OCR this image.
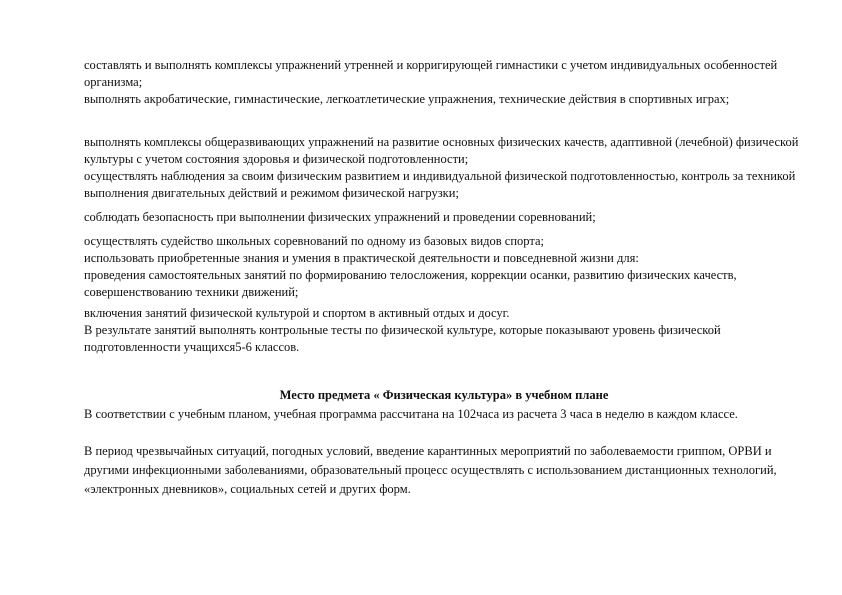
составлять и выполнять комплексы упражнений утренней и корригирующей гимнастики с учетом индивидуальных особенностей организма;

выполнять акробатические, гимнастические, легкоатлетические упражнения, технические действия в спортивных играх;

выполнять комплексы общеразвивающих упражнений на развитие основных физических качеств, адаптивной (лечебной) физической культуры с учетом состояния здоровья и физической подготовленности;

осуществлять наблюдения за своим физическим развитием и индивидуальной физической подготовленностью, контроль за техникой выполнения двигательных действий и режимом физической нагрузки;

соблюдать безопасность при выполнении физических упражнений и проведении соревнований;

осуществлять судейство школьных соревнований по одному из базовых видов спорта;

использовать приобретенные знания и умения в практической деятельности и повседневной жизни для:

проведения самостоятельных занятий по формированию телосложения, коррекции осанки, развитию физических качеств, совершенствованию техники движений;

включения занятий физической культурой и спортом в активный отдых и досуг.

В результате занятий выполнять контрольные тесты по физической культуре, которые показывают уровень физической подготовленности учащихся5-6 классов.

Место предмета « Физическая культура» в учебном плане

В соответствии с учебным планом, учебная программа рассчитана на 102часа из расчета 3 часа в неделю в каждом классе.

В период чрезвычайных ситуаций, погодных условий, введение карантинных мероприятий по заболеваемости гриппом, ОРВИ и другими инфекционными заболеваниями, образовательный процесс осуществлять с использованием дистанционных технологий, «электронных дневников», социальных сетей и других форм.
